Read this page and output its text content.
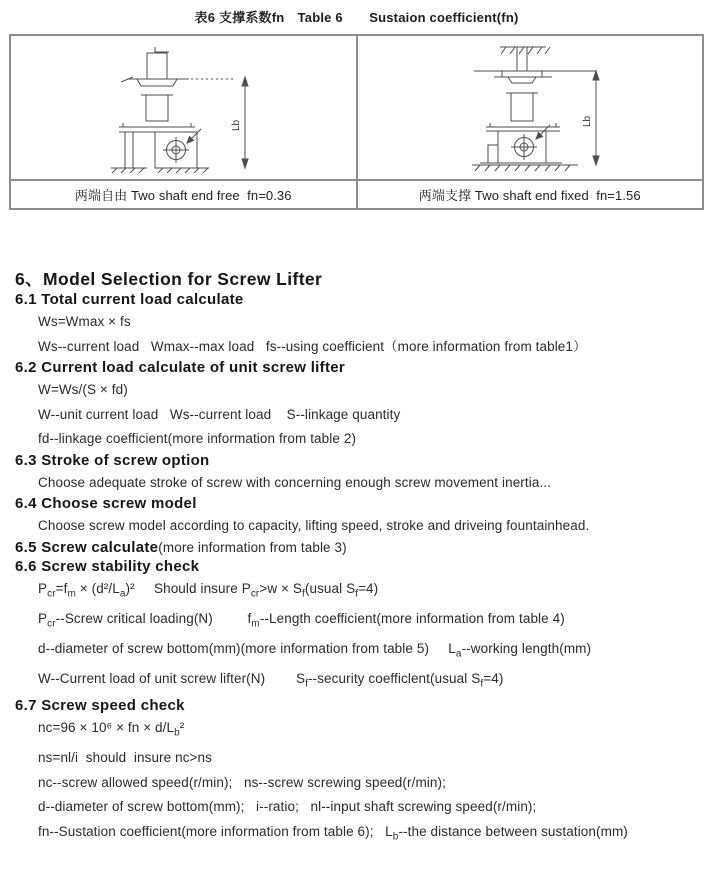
表6 支撑系数fn　Table 6　　Sustaion coefficient(fn)
Lb	Lb

两端自由 Two shaft end free  fn=0.36	两端支撑 Two shaft end fixed  fn=1.56
6、Model Selection for Screw Lifter
6.1 Total current load calculate

Ws=Wmax × fs

Ws--current load   Wmax--max load   fs--using coefficient（more information from table1）

6.2 Current load calculate of unit screw lifter

W=Ws/(S × fd)

W--unit current load   Ws--current load    S--linkage quantity

fd--linkage coefficient(more information from table 2)

6.3 Stroke of screw option

Choose adequate stroke of screw with concerning enough screw movement inertia...

6.4 Choose screw model

Choose screw model according to capacity, lifting speed, stroke and driveing fountainhead.

6.5 Screw calculate(more information from table 3)
6.6 Screw stability check

$P_{cr}=f_m \times (d^2/L_a)^2$     Should insure $P_{cr}>w$ × $S_f(usual$ $S_f=4$)

$P_{cr}-$-Screw critical loading(N)         $f_m-$-Length coefficient(more information from table 4)

d--diameter of screw bottom(mm)(more information from table 5)     $L_a-$-working length(mm)

W--Current load of unit screw lifter(N)        $S_f-$-security coefficlent(usual $S_f=4$)

6.7 Screw speed check

nc=96 × 10⁶ × fn × $d/L_b^2$

ns=nl/i  should  insure nc>ns

nc--screw allowed speed(r/min);   ns--screw screwing speed(r/min);

d--diameter of screw bottom(mm);   i--ratio;   nl--input shaft screwing speed(r/min);

fn--Sustation coefficient(more information from table 6);   $L_b-$-the distance between sustation(mm)
